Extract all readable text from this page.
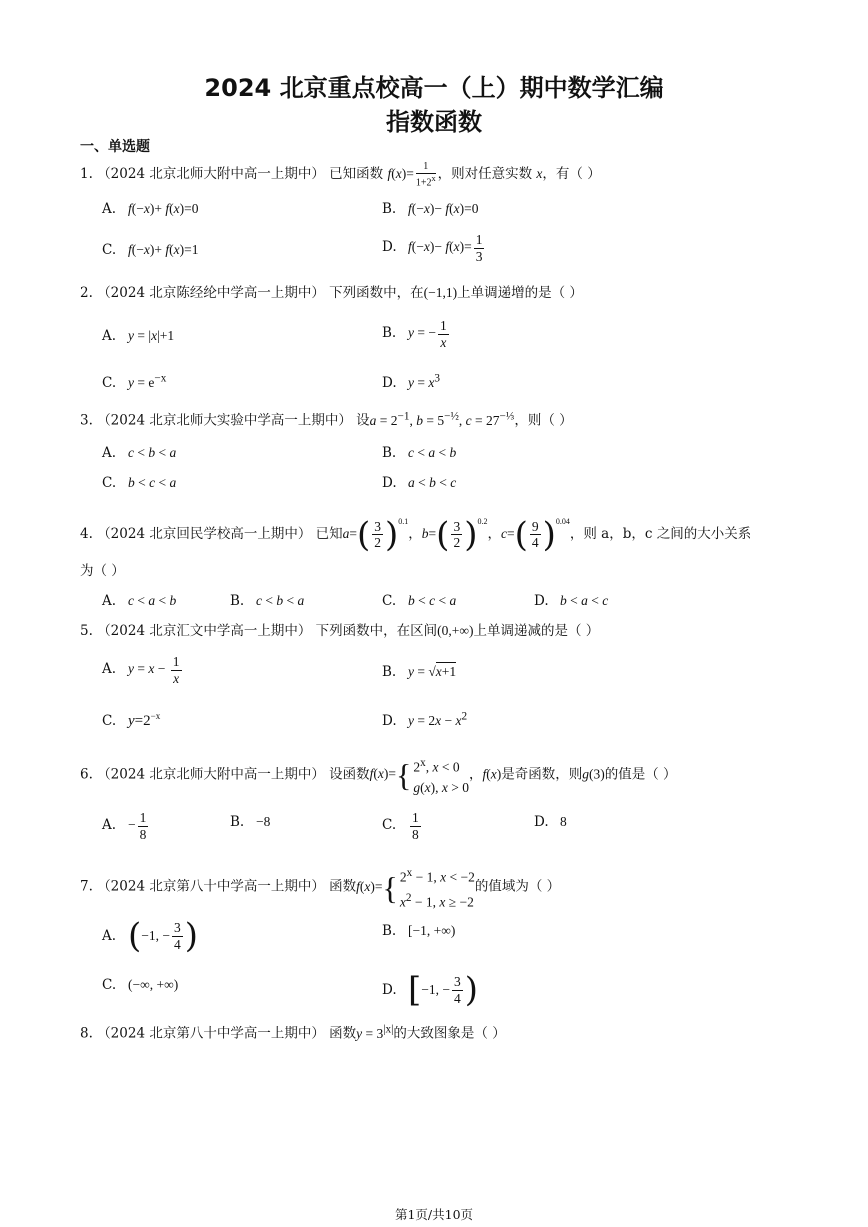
2024 北京重点校高一（上）期中数学汇编
指数函数
一、单选题
1. （2024 北京北师大附中高一上期中） 已知函数 $f(x)= \frac{1}{1+2^x}$ ，则对任意实数 x，有（ ）
A. f(−x)+ f(x)=0	B. f(−x)− f(x)=0
C. f(−x)+ f(x)=1	D. $f(-x)- f(x)= \frac{1}{3}$
2. （2024 北京陈经纶中学高一上期中） 下列函数中，在(−1,1)上单调递增的是（ ）
A. y = |x|+1	B. y = − $\frac{1}{x}$
C. $y = e^{-x}$	D. $y = x^3$
3. （2024 北京北师大实验中学高一上期中） 设$a = 2^{-1}$, $b = 5^{-\frac{1}{2}}$, $c = 27^{-\frac{1}{3}}$，则（ ）
A. c < b < a	B. c < a < b
C. b < c < a	D. a < b < c
4. （2024 北京回民学校高一上期中） 已知a= ( $\frac{3}{2}$ ) $^{0.1}$，b= ( $\frac{3}{2}$ ) $^{0.2}$，c= ( $\frac{9}{4}$ ) $^{0.04}$，则 a，b，c 之间的大小关系
为（ ）
A. c < a < b	B. c < b < a	C. b < c < a	D. b < a < c
5. （2024 北京汇文中学高一上期中） 下列函数中，在区间(0,+∞)上单调递减的是（ ）
A. $y = x - \frac{1}{x}$	B. y = √x+1
C. $y=2^{-x}$	D. $y = 2x - x^2$
6. （2024 北京北师大附中高一上期中） 设函数f(x)={ 2$^x$, x < 0
g(x), x > 0，f(x)是奇函数，则g(3)的值是（ ）
A. − $\frac{1}{8}$	B. −8	C. $\frac{1}{8}$	D. 8
7. （2024 北京第八十中学高一上期中） 函数f(x)={ $2^x - 1$, x < −2
$x^2 - 1$, x ≥ −2的值域为（ ）
A. ( −1, − $\frac{3}{4}$ )	B. [−1, +∞)
C. (−∞, +∞)	D. [ −1, − $\frac{3}{4}$ )
8. （2024 北京第八十中学高一上期中） 函数$y = 3^{|x|}$的大致图象是（ ）
第1页/共10页
